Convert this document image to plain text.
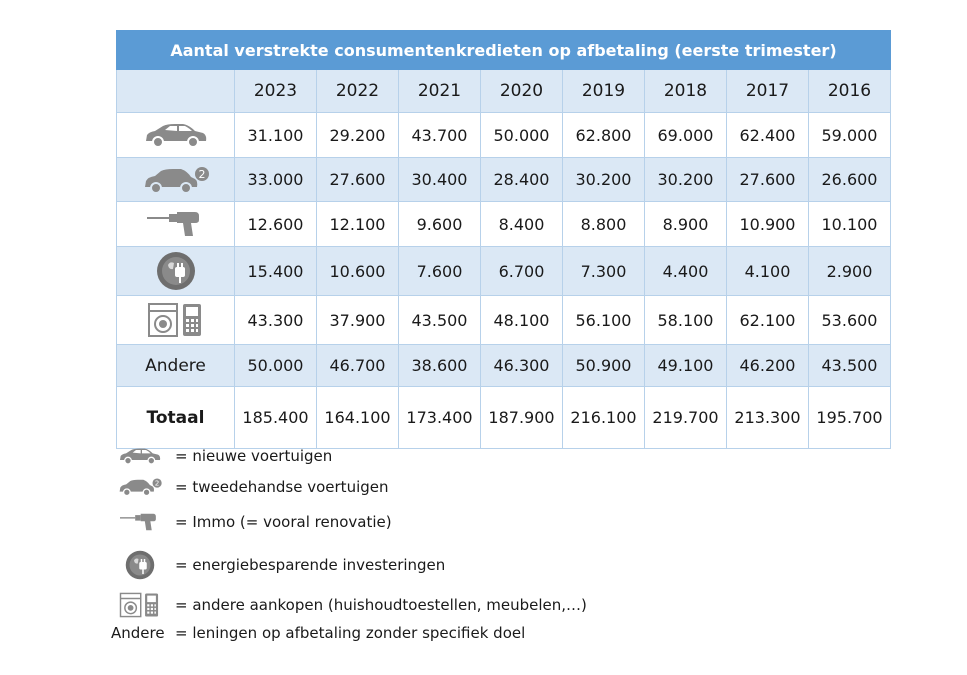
Aantal verstrekte consumentenkredieten op afbetaling (eerste trimester)								
	2023	2022	2021	2020	2019	2018	2017	2016
	31.100	29.200	43.700	50.000	62.800	69.000	62.400	59.000

2	33.000	27.600	30.400	28.400	30.200	30.200	27.600	26.600
	12.600	12.100	9.600	8.400	8.800	8.900	10.900	10.100
	15.400	10.600	7.600	6.700	7.300	4.400	4.100	2.900
	43.300	37.900	43.500	48.100	56.100	58.100	62.100	53.600
Andere	50.000	46.700	38.600	46.300	50.900	49.100	46.200	43.500
Totaal	185.400	164.100	173.400	187.900	216.100	219.700	213.300	195.700
= nieuwe voertuigen
2 = tweedehandse voertuigen
= Immo (= vooral renovatie)
= energiebesparende investeringen
= andere aankopen (huishoudtoestellen, meubelen,…)
Andere = leningen op afbetaling zonder specifiek doel
